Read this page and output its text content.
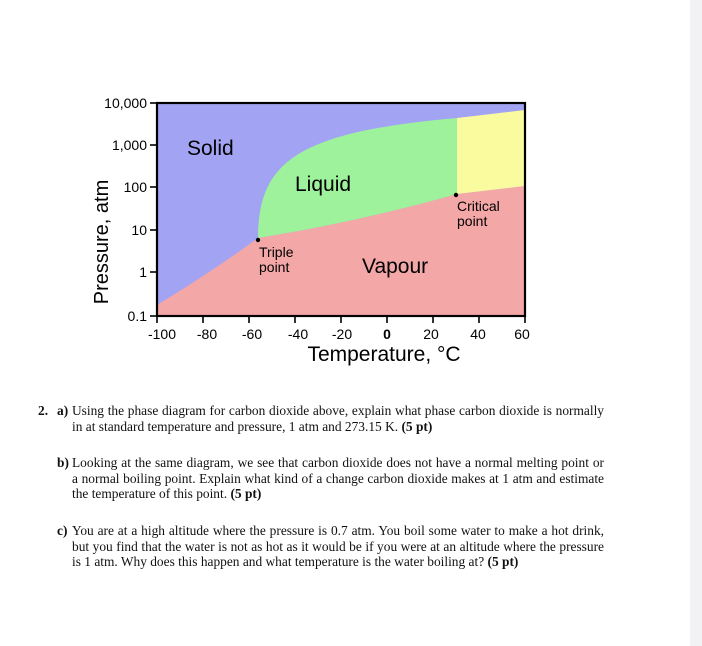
10,000
1,000
100
10
1
0.1
Pressure, atm
-100 -80 -60 -40 -20 0 20 40 60
Temperature, °C
Solid
Liquid
Vapour
Triple
point
Critical
point
2. a) Using the phase diagram for carbon dioxide above, explain what phase carbon dioxide is normally in at standard temperature and pressure, 1 atm and 273.15 K. (5 pt)
b) Looking at the same diagram, we see that carbon dioxide does not have a normal melting point or a normal boiling point. Explain what kind of a change carbon dioxide makes at 1 atm and estimate the temperature of this point. (5 pt)
c) You are at a high altitude where the pressure is 0.7 atm. You boil some water to make a hot drink, but you find that the water is not as hot as it would be if you were at an altitude where the pressure is 1 atm. Why does this happen and what temperature is the water boiling at? (5 pt)
